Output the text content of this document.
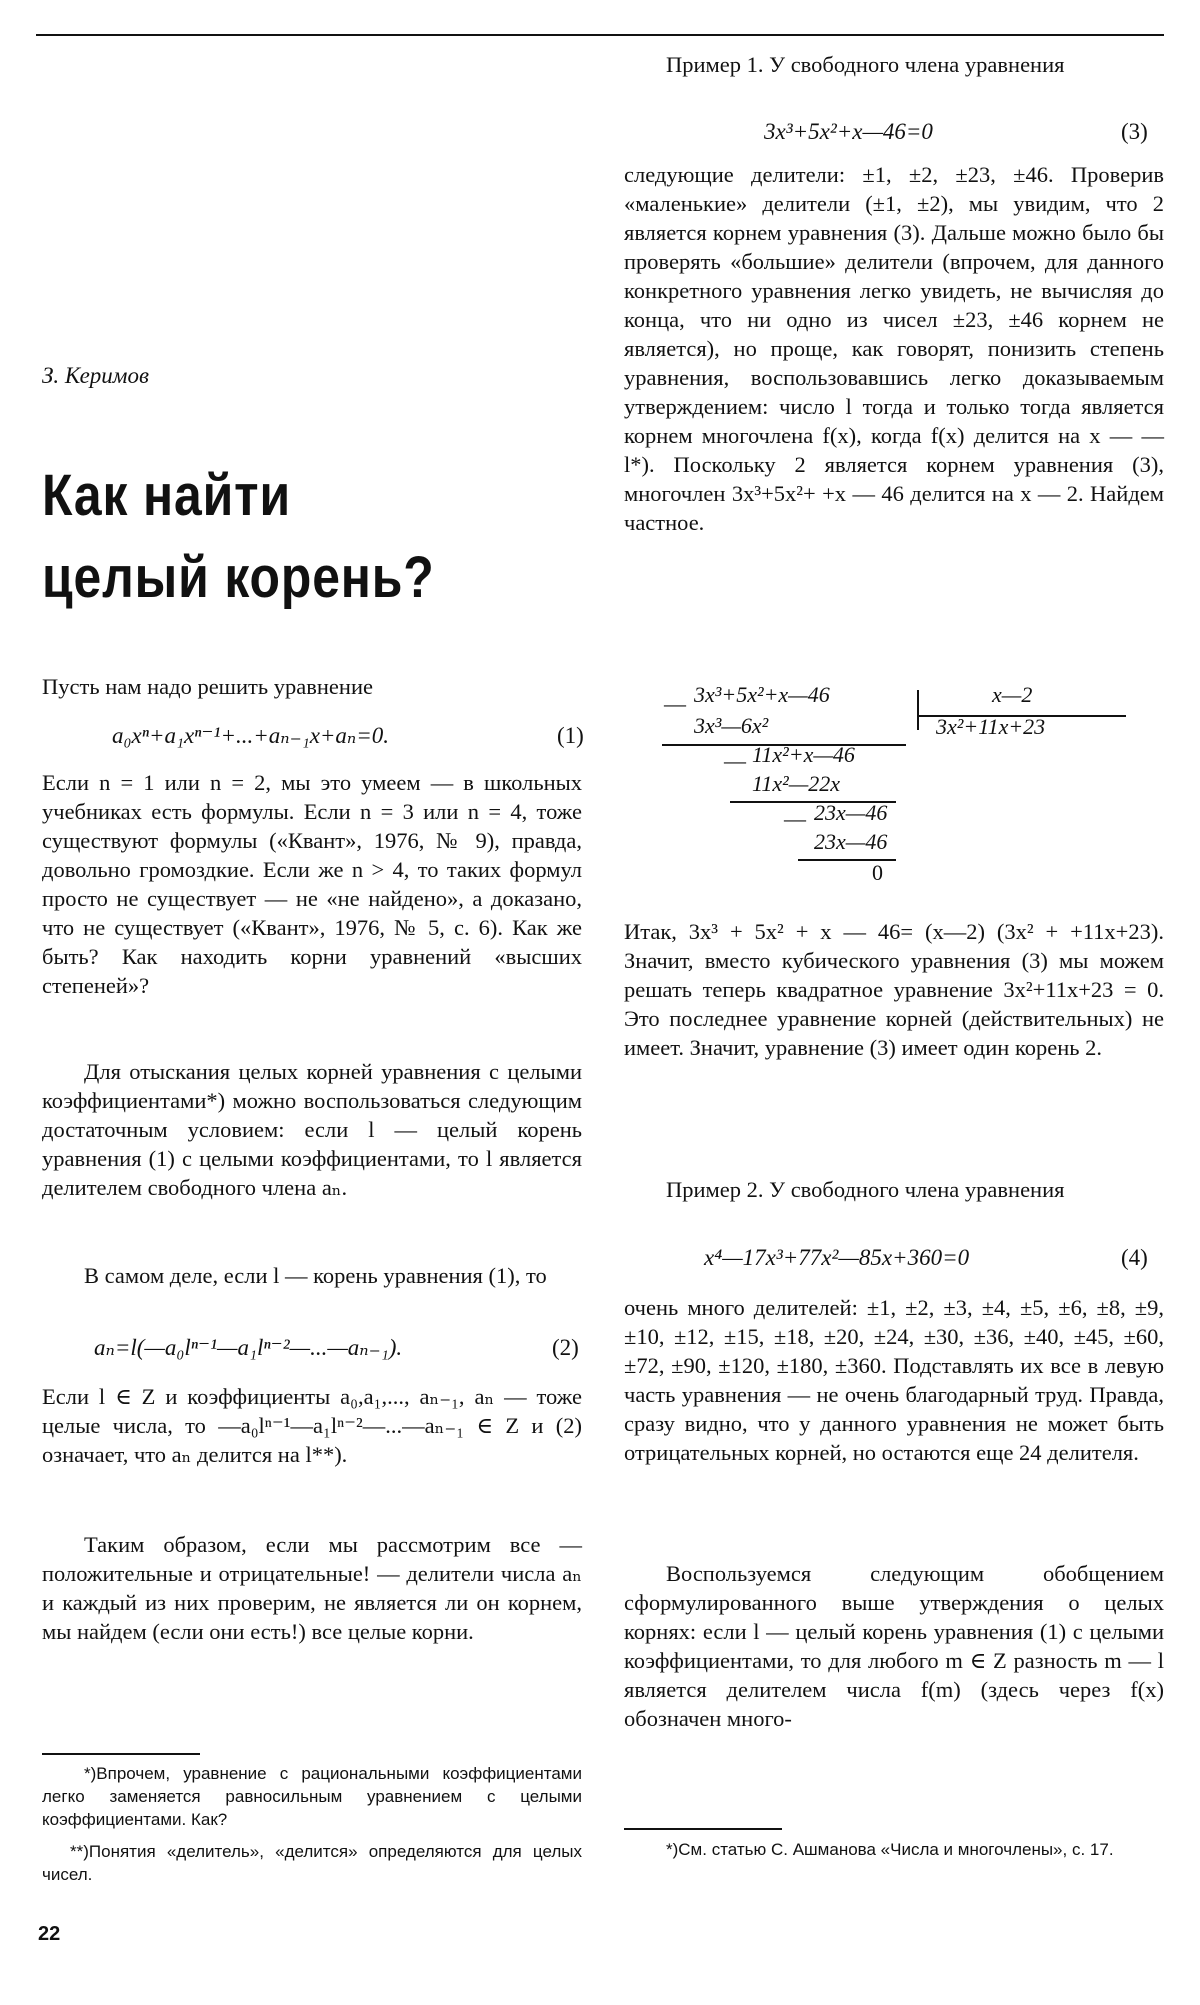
З. Керимов
Как найти
целый корень?
Пусть нам надо решить уравнение
a₀xⁿ+a₁xⁿ⁻¹+...+aₙ₋₁x+aₙ=0.	(1)
Если n = 1 или n = 2, мы это умеем — в школьных учебниках есть формулы. Если n = 3 или n = 4, тоже существуют формулы («Квант», 1976, № 9), правда, довольно громоздкие. Если же n > 4, то таких формул просто не существует — не «не найдено», а доказано, что не существует («Квант», 1976, № 5, с. 6). Как же быть? Как находить корни уравнений «высших степеней»?
Для отыскания целых корней уравнения с целыми коэффициентами*) можно воспользоваться следующим достаточным условием: если l — целый корень уравнения (1) с целыми коэффициентами, то l является делителем свободного члена aₙ.
В самом деле, если l — корень уравнения (1), то
aₙ=l(—a₀lⁿ⁻¹—a₁lⁿ⁻²—...—aₙ₋₁).	(2)
Если l ∈ Z и коэффициенты a₀,a₁,..., aₙ₋₁, aₙ — тоже целые числа, то —a₀lⁿ⁻¹—a₁lⁿ⁻²—...—aₙ₋₁ ∈ Z и (2) означает, что aₙ делится на l**).
Таким образом, если мы рассмотрим все — положительные и отрицательные! — делители числа aₙ и каждый из них проверим, не является ли он корнем, мы найдем (если они есть!) все целые корни.
*)Впрочем, уравнение с рациональными коэффициентами легко заменяется равносильным уравнением с целыми коэффициентами. Как?
**)Понятия «делитель», «делится» определяются для целых чисел.
22
Пример 1. У свободного члена уравнения
3x³+5x²+x—46=0	(3)
следующие делители: ±1, ±2, ±23, ±46. Проверив «маленькие» делители (±1, ±2), мы увидим, что 2 является корнем уравнения (3). Дальше можно было бы проверять «большие» делители (впрочем, для данного конкретного уравнения легко увидеть, не вычисляя до конца, что ни одно из чисел ±23, ±46 корнем не является), но проще, как говорят, понизить степень уравнения, воспользовавшись легко доказываемым утверждением: число l тогда и только тогда является корнем многочлена f(x), когда f(x) делится на x — — l*). Поскольку 2 является корнем уравнения (3), многочлен 3x³+5x²+ +x — 46 делится на x — 2. Найдем частное.
— 3x³+5x²+x—46	x—2
3x²+11x+23
3x³—6x²
— 11x²+x—46
11x²—22x
— 23x—46
23x—46
0
Итак, 3x³ + 5x² + x — 46= (x—2) (3x² + +11x+23). Значит, вместо кубического уравнения (3) мы можем решать теперь квадратное уравнение 3x²+11x+23 = 0. Это последнее уравнение корней (действительных) не имеет. Значит, уравнение (3) имеет один корень 2.
Пример 2. У свободного члена уравнения
x⁴—17x³+77x²—85x+360=0	(4)
очень много делителей: ±1, ±2, ±3, ±4, ±5, ±6, ±8, ±9, ±10, ±12, ±15, ±18, ±20, ±24, ±30, ±36, ±40, ±45, ±60, ±72, ±90, ±120, ±180, ±360. Подставлять их все в левую часть уравнения — не очень благодарный труд. Правда, сразу видно, что у данного уравнения не может быть отрицательных корней, но остаются еще 24 делителя.
Воспользуемся следующим обобщением сформулированного выше утверждения о целых корнях: если l — целый корень уравнения (1) с целыми коэффициентами, то для любого m ∈ Z разность m — l является делителем числа f(m) (здесь через f(x) обозначен много-
*)См. статью С. Ашманова «Числа и многочлены», с. 17.
